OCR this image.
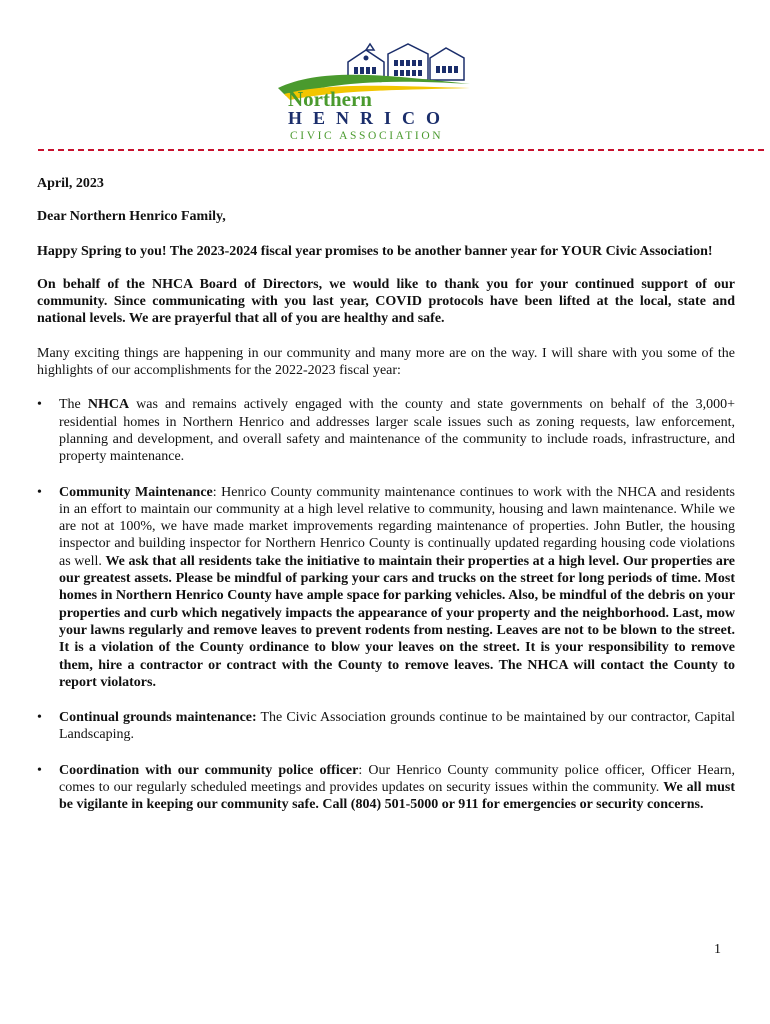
Northern
HENRICO
CIVIC ASSOCIATION

April, 2023

Dear Northern Henrico Family,

Happy Spring to you! The 2023-2024 fiscal year promises to be another banner year for YOUR Civic Association!

On behalf of the NHCA Board of Directors, we would like to thank you for your continued support of our community. Since communicating with you last year, COVID protocols have been lifted at the local, state and national levels. We are prayerful that all of you are healthy and safe.

Many exciting things are happening in our community and many more are on the way. I will share with you some of the highlights of our accomplishments for the 2022-2023 fiscal year:

• The NHCA was and remains actively engaged with the county and state governments on behalf of the 3,000+ residential homes in Northern Henrico and addresses larger scale issues such as zoning requests, law enforcement, planning and development, and overall safety and maintenance of the community to include roads, infrastructure, and property maintenance.
• Community Maintenance: Henrico County community maintenance continues to work with the NHCA and residents in an effort to maintain our community at a high level relative to community, housing and lawn maintenance. While we are not at 100%, we have made market improvements regarding maintenance of properties. John Butler, the housing inspector and building inspector for Northern Henrico County is continually updated regarding housing code violations as well. We ask that all residents take the initiative to maintain their properties at a high level. Our properties are our greatest assets. Please be mindful of parking your cars and trucks on the street for long periods of time. Most homes in Northern Henrico County have ample space for parking vehicles. Also, be mindful of the debris on your properties and curb which negatively impacts the appearance of your property and the neighborhood. Last, mow your lawns regularly and remove leaves to prevent rodents from nesting. Leaves are not to be blown to the street. It is a violation of the County ordinance to blow your leaves on the street. It is your responsibility to remove them, hire a contractor or contract with the County to remove leaves. The NHCA will contact the County to report violators.
• Continual grounds maintenance: The Civic Association grounds continue to be maintained by our contractor, Capital Landscaping.
• Coordination with our community police officer: Our Henrico County community police officer, Officer Hearn, comes to our regularly scheduled meetings and provides updates on security issues within the community. We all must be vigilante in keeping our community safe. Call (804) 501-5000 or 911 for emergencies or security concerns.
1
